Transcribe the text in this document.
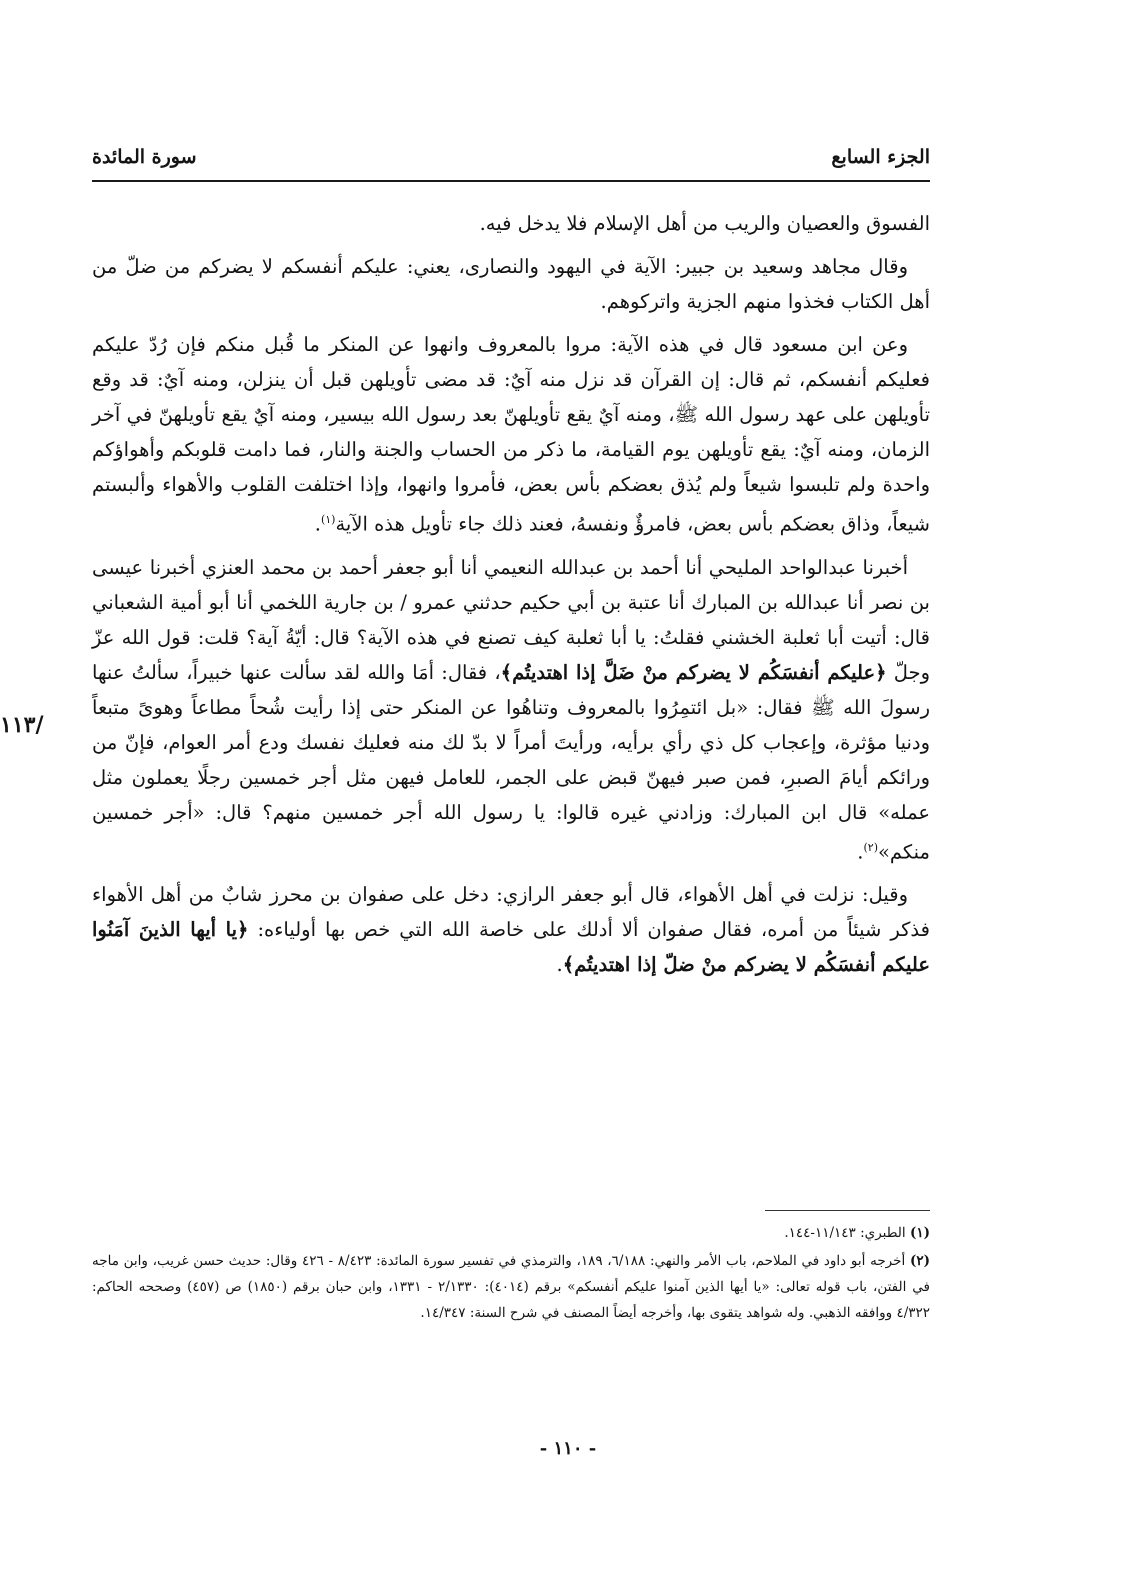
الجزء السابع
سورة المائدة
/١١٣

الفسوق والعصيان والريب من أهل الإسلام فلا يدخل فيه.

وقال مجاهد وسعيد بن جبير: الآية في اليهود والنصارى، يعني: عليكم أنفسكم لا يضركم من ضلّ من أهل الكتاب فخذوا منهم الجزية واتركوهم.

وعن ابن مسعود قال في هذه الآية: مروا بالمعروف وانهوا عن المنكر ما قُبل منكم فإن رُدّ عليكم فعليكم أنفسكم، ثم قال: إن القرآن قد نزل منه آيٌ: قد مضى تأويلهن قبل أن ينزلن، ومنه آيٌ: قد وقع تأويلهن على عهد رسول الله ﷺ، ومنه آيٌ يقع تأويلهنّ بعد رسول الله بيسير، ومنه آيٌ يقع تأويلهنّ في آخر الزمان، ومنه آيٌ: يقع تأويلهن يوم القيامة، ما ذكر من الحساب والجنة والنار، فما دامت قلوبكم وأهواؤكم واحدة ولم تلبسوا شيعاً ولم يُذق بعضكم بأس بعض، فأمروا وانهوا، وإذا اختلفت القلوب والأهواء وألبستم شيعاً، وذاق بعضكم بأس بعض، فامرؤٌ ونفسهُ، فعند ذلك جاء تأويل هذه الآية$^{(١)}$.

أخبرنا عبدالواحد المليحي أنا أحمد بن عبدالله النعيمي أنا أبو جعفر أحمد بن محمد العنزي أخبرنا عيسى بن نصر أنا عبدالله بن المبارك أنا عتبة بن أبي حكيم حدثني عمرو / بن جارية اللخمي أنا أبو أمية الشعباني قال: أتيت أبا ثعلبة الخشني فقلتُ: يا أبا ثعلبة كيف تصنع في هذه الآية؟ قال: أيّةُ آية؟ قلت: قول الله عزّ وجلّ ﴿عليكم أنفسَكُم لا يضركم منْ ضَلَّ إذا اهتديتُم﴾، فقال: أمَا والله لقد سألت عنها خبيراً، سألتُ عنها رسولَ الله ﷺ فقال: «بل ائتمِرُوا بالمعروف وتناهُوا عن المنكر حتى إذا رأيت شُحاً مطاعاً وهوىً متبعاً ودنيا مؤثرة، وإعجاب كل ذي رأي برأيه، ورأيتَ أمراً لا بدّ لك منه فعليك نفسك ودع أمر العوام، فإنّ من ورائكم أيامَ الصبرِ، فمن صبر فيهنّ قبض على الجمر، للعامل فيهن مثل أجر خمسين رجلًا يعملون مثل عمله» قال ابن المبارك: وزادني غيره قالوا: يا رسول الله أجر خمسين منهم؟ قال: «أجر خمسين منكم»$^{(٢)}$.

وقيل: نزلت في أهل الأهواء، قال أبو جعفر الرازي: دخل على صفوان بن محرز شابٌ من أهل الأهواء فذكر شيئاً من أمره، فقال صفوان ألا أدلك على خاصة الله التي خص بها أولياءه: ﴿يا أيها الذينَ آمَنُوا عليكم أنفسَكُم لا يضركم منْ ضلّ إذا اهتديتُم﴾.

(١) الطبري: ١١/١٤٣-١٤٤.

(٢) أخرجه أبو داود في الملاحم، باب الأمر والنهي: ٦/١٨٨، ١٨٩، والترمذي في تفسير سورة المائدة: ٨/٤٢٣ - ٤٢٦ وقال: حديث حسن غريب، وابن ماجه في الفتن، باب قوله تعالى: «يا أيها الذين آمنوا عليكم أنفسكم» برقم (٤٠١٤): ٢/١٣٣٠ - ١٣٣١، وابن حبان برقم (١٨٥٠) ص (٤٥٧) وصححه الحاكم: ٤/٣٢٢ ووافقه الذهبي. وله شواهد يتقوى بها، وأخرجه أيضاً المصنف في شرح السنة: ١٤/٣٤٧.

- ١١٠ -
